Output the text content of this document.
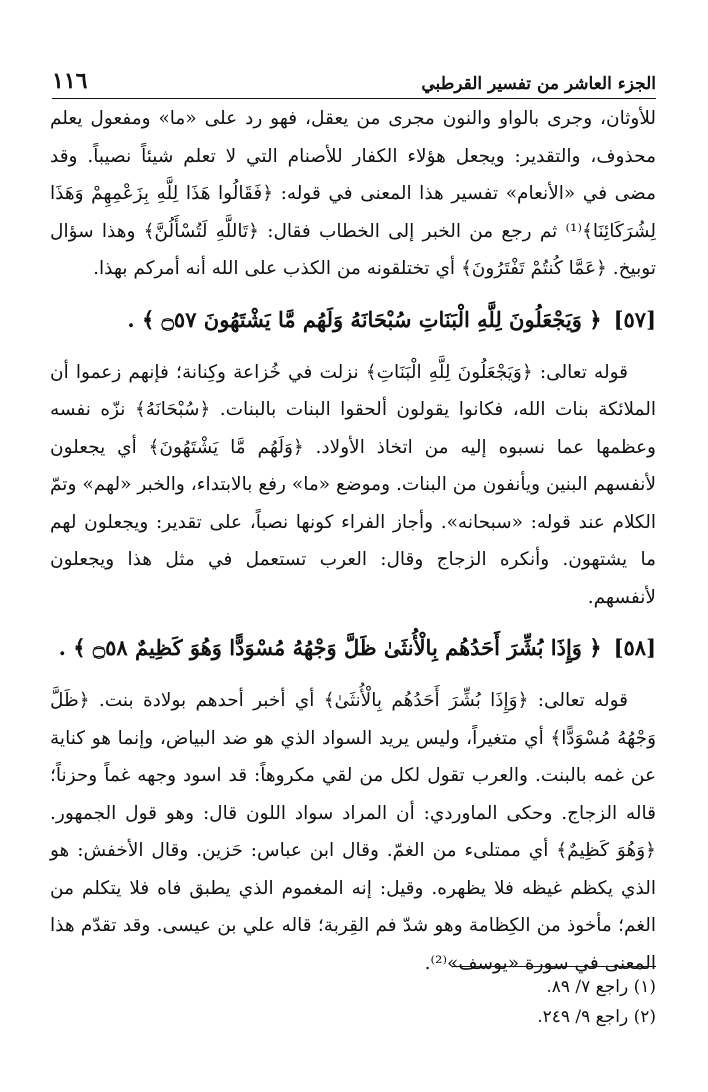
١١٦	الجزء العاشر من تفسير القرطبي

للأوثان، وجرى بالواو والنون مجرى من يعقل، فهو رد على «ما» ومفعول يعلم محذوف، والتقدير: ويجعل هؤلاء الكفار للأصنام التي لا تعلم شيئاً نصيباً. وقد مضى في «الأنعام» تفسير هذا المعنى في قوله: ﴿فَقَالُوا هَذَا لِلَّهِ بِزَعْمِهِمْ وَهَذَا لِشُرَكَائِنَا﴾⁽¹⁾ ثم رجع من الخبر إلى الخطاب فقال: ﴿تَاللَّهِ لَتُسْأَلُنَّ﴾ وهذا سؤال توبيخ. ﴿عَمَّا كُنتُمْ تَفْتَرُونَ﴾ أي تختلقونه من الكذب على الله أنه أمركم بهذا.

[٥٧]
﴿ وَيَجْعَلُونَ لِلَّهِ الْبَنَاتِ سُبْحَانَهُ وَلَهُم مَّا يَشْتَهُونَ ۝٥٧ ﴾ .

قوله تعالى: ﴿وَيَجْعَلُونَ لِلَّهِ الْبَنَاتِ﴾ نزلت في خُزاعة وكِنانة؛ فإنهم زعموا أن الملائكة بنات الله، فكانوا يقولون ألحقوا البنات بالبنات. ﴿سُبْحَانَهُ﴾ نزّه نفسه وعظمها عما نسبوه إليه من اتخاذ الأولاد. ﴿وَلَهُم مَّا يَشْتَهُونَ﴾ أي يجعلون لأنفسهم البنين ويأنفون من البنات. وموضع «ما» رفع بالابتداء، والخبر «لهم» وتمّ الكلام عند قوله: «سبحانه». وأجاز الفراء كونها نصباً، على تقدير: ويجعلون لهم ما يشتهون. وأنكره الزجاج وقال: العرب تستعمل في مثل هذا ويجعلون لأنفسهم.

[٥٨]
﴿ وَإِذَا بُشِّرَ أَحَدُهُم بِالْأُنثَىٰ ظَلَّ وَجْهُهُ مُسْوَدًّا وَهُوَ كَظِيمٌ ۝٥٨ ﴾ .

قوله تعالى: ﴿وَإِذَا بُشِّرَ أَحَدُهُم بِالْأُنثَىٰ﴾ أي أخبر أحدهم بولادة بنت. ﴿ظَلَّ وَجْهُهُ مُسْوَدًّا﴾ أي متغيراً، وليس يريد السواد الذي هو ضد البياض، وإنما هو كناية عن غمه بالبنت. والعرب تقول لكل من لقي مكروهاً: قد اسود وجهه غماً وحزناً؛ قاله الزجاج. وحكى الماوردي: أن المراد سواد اللون قال: وهو قول الجمهور. ﴿وَهُوَ كَظِيمٌ﴾ أي ممتلىء من الغمّ. وقال ابن عباس: حَزين. وقال الأخفش: هو الذي يكظم غيظه فلا يظهره. وقيل: إنه المغموم الذي يطبق فاه فلا يتكلم من الغم؛ مأخوذ من الكِظامة وهو شدّ فم القِربة؛ قاله علي بن عيسى. وقد تقدّم هذا المعنى في سورة «يوسف»⁽²⁾.

(١) راجع ٧/ ٨٩.
(٢) راجع ٩/ ٢٤٩.
